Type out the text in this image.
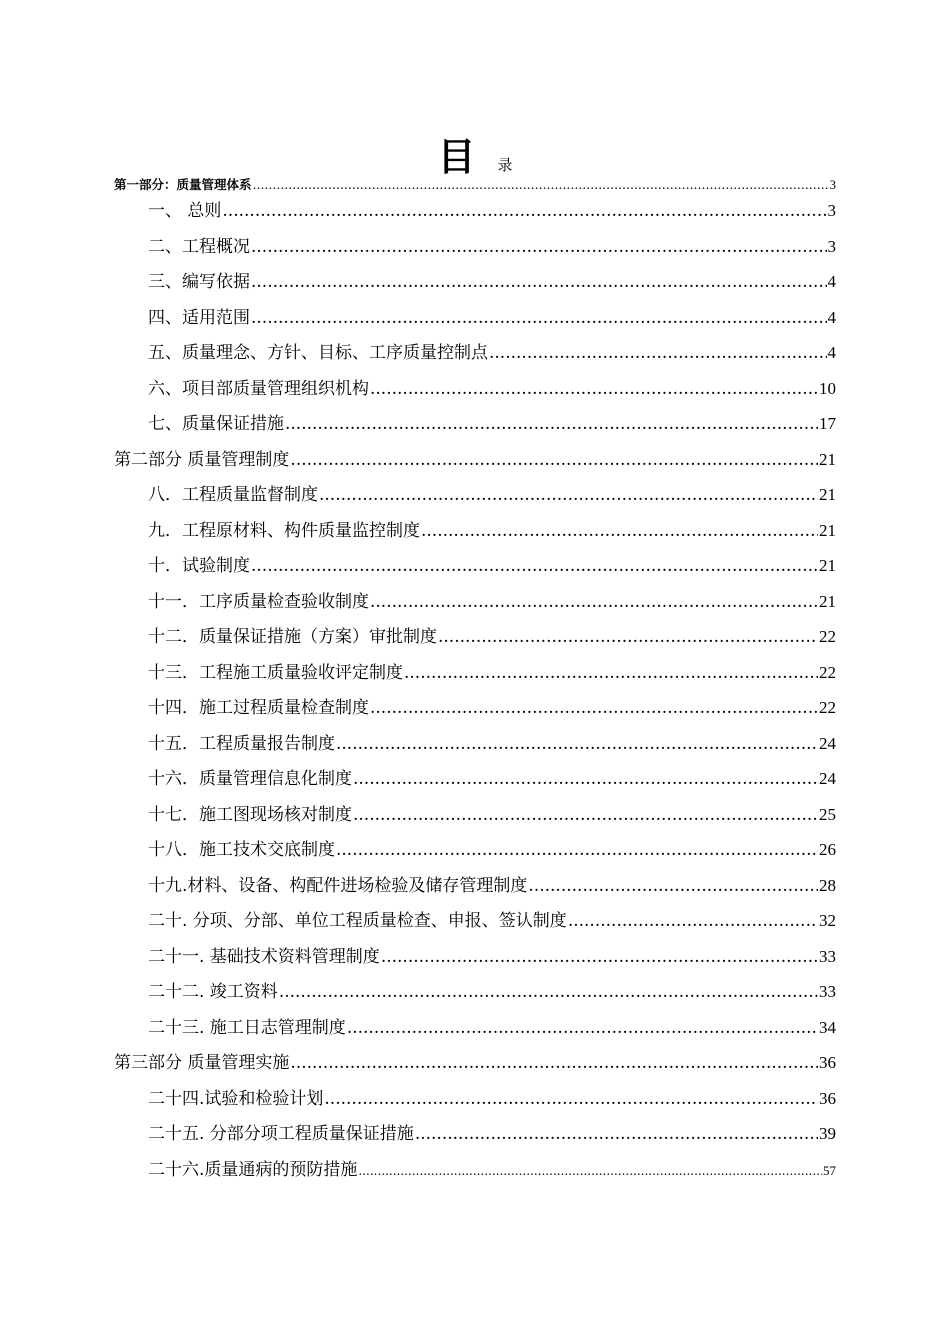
目 录
第一部分：质量管理体系 .....	3
一、 总则 .....	3
二、工程概况 .....	3
三、编写依据 .....	4
四、适用范围 .....	4
五、质量理念、方针、目标、工序质量控制点 .....	4
六、项目部质量管理组织机构 .....	10
七、质量保证措施 .....	17
第二部分 质量管理制度 .....	21
八．工程质量监督制度 .....	21
九．工程原材料、构件质量监控制度 .....	21
十．试验制度 .....	21
十一．工序质量检查验收制度 .....	21
十二．质量保证措施（方案）审批制度 .....	22
十三．工程施工质量验收评定制度 .....	22
十四．施工过程质量检查制度 .....	22
十五．工程质量报告制度 .....	24
十六．质量管理信息化制度 .....	24
十七．施工图现场核对制度 .....	25
十八．施工技术交底制度 .....	26
十九.材料、设备、构配件进场检验及储存管理制度 .....	28
二十. 分项、分部、单位工程质量检查、申报、签认制度 .....	32
二十一. 基础技术资料管理制度 .....	33
二十二. 竣工资料 .....	33
二十三. 施工日志管理制度 .....	34
第三部分 质量管理实施 .....	36
二十四.试验和检验计划 .....	36
二十五. 分部分项工程质量保证措施 .....	39
二十六.质量通病的预防措施 .....	57
